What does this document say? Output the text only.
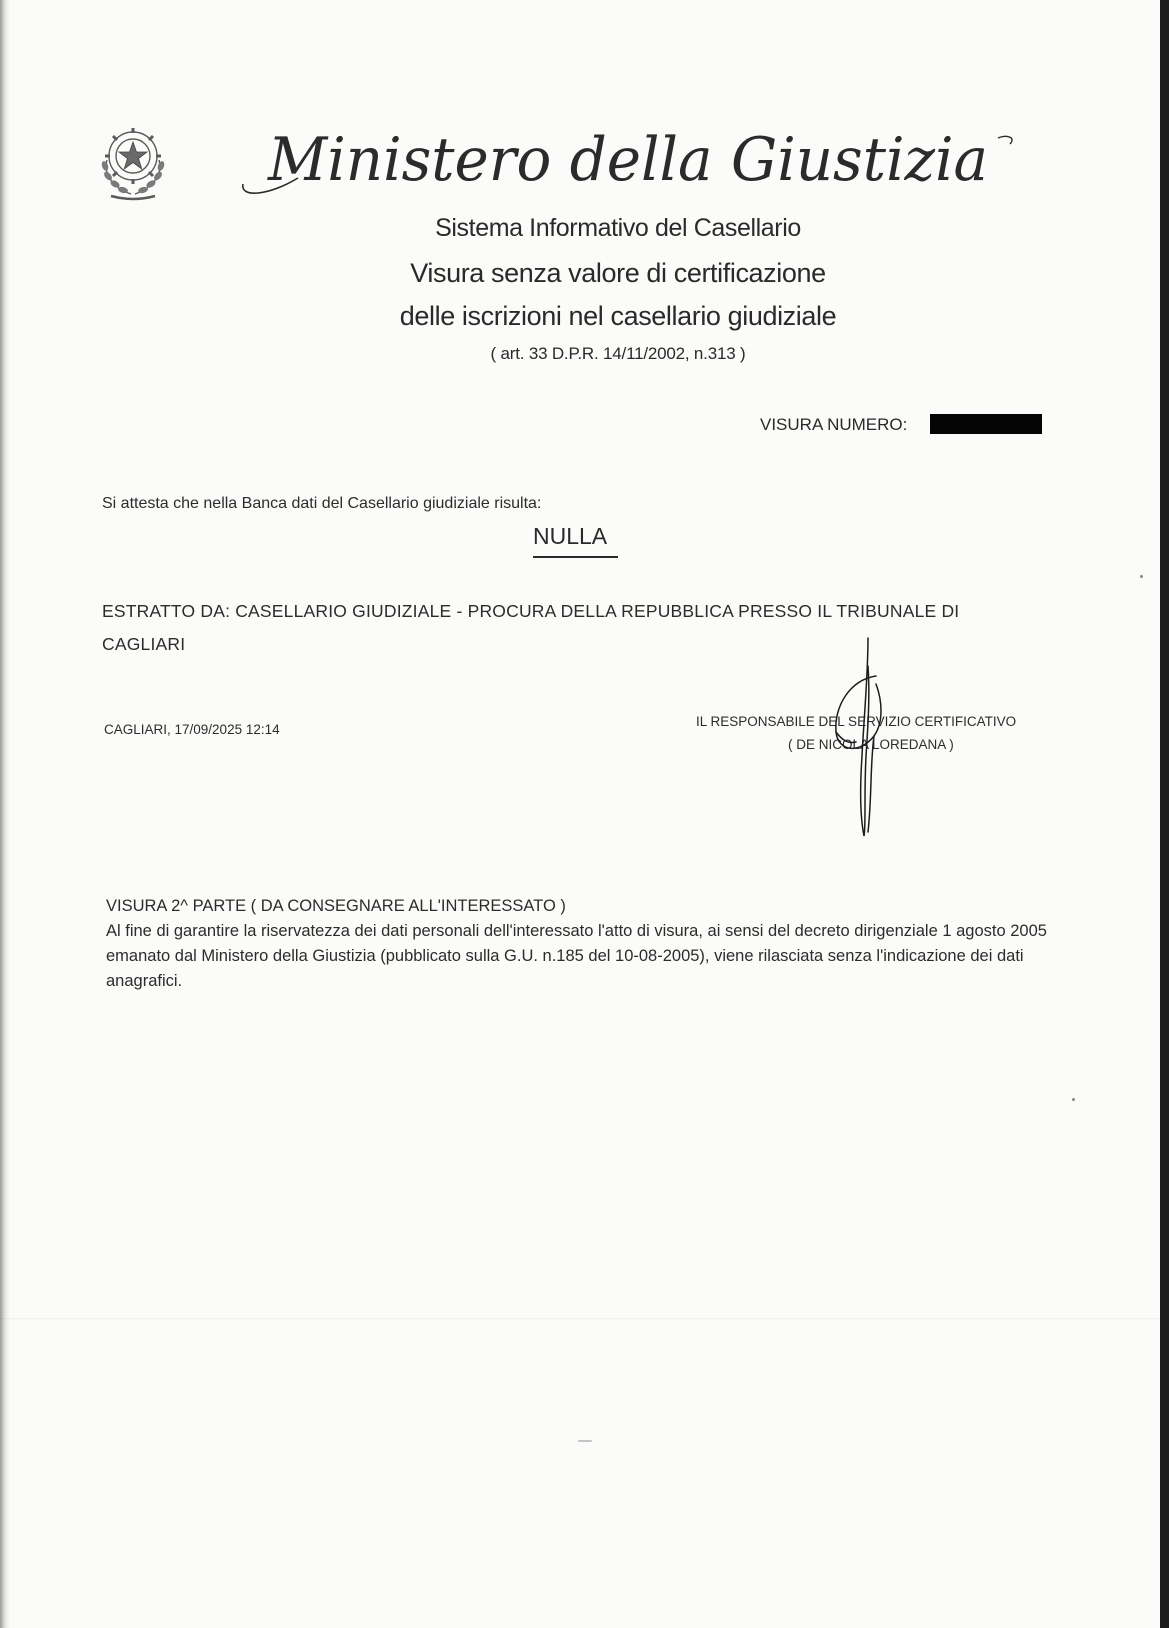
Ministero della Giustizia
Sistema Informativo del Casellario
Visura senza valore di certificazione
delle iscrizioni nel casellario giudiziale
( art. 33 D.P.R. 14/11/2002, n.313 )
VISURA NUMERO:
Si attesta che nella Banca dati del Casellario giudiziale risulta:
NULLA
ESTRATTO DA: CASELLARIO GIUDIZIALE - PROCURA DELLA REPUBBLICA PRESSO IL TRIBUNALE DI CAGLIARI
CAGLIARI, 17/09/2025 12:14
IL RESPONSABILE DEL SERVIZIO CERTIFICATIVO
( DE NICOLA LOREDANA )
VISURA 2^ PARTE ( DA CONSEGNARE ALL'INTERESSATO )
Al fine di garantire la riservatezza dei dati personali dell'interessato l'atto di visura, ai sensi del decreto dirigenziale 1 agosto 2005 emanato dal Ministero della Giustizia (pubblicato sulla G.U. n.185 del 10-08-2005), viene rilasciata senza l'indicazione dei dati anagrafici.
